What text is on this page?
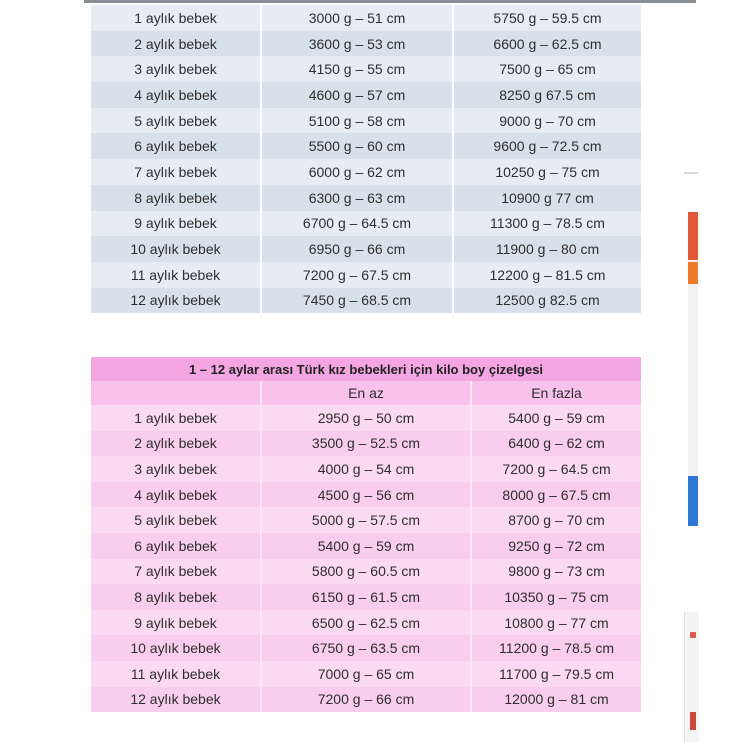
1 aylık bebek	3000 g – 51 cm	5750 g – 59.5 cm
2 aylık bebek	3600 g – 53 cm	6600 g – 62.5 cm
3 aylık bebek	4150 g – 55 cm	7500 g – 65 cm
4 aylık bebek	4600 g – 57 cm	8250 g 67.5 cm
5 aylık bebek	5100 g – 58 cm	9000 g – 70 cm
6 aylık bebek	5500 g – 60 cm	9600 g – 72.5 cm
7 aylık bebek	6000 g – 62 cm	10250 g – 75 cm
8 aylık bebek	6300 g – 63 cm	10900 g 77 cm
9 aylık bebek	6700 g – 64.5 cm	11300 g – 78.5 cm
10 aylık bebek	6950 g – 66 cm	11900 g – 80 cm
11 aylık bebek	7200 g – 67.5 cm	12200 g – 81.5 cm
12 aylık bebek	7450 g – 68.5 cm	12500 g 82.5 cm
1 – 12 aylar arası Türk kız bebekleri için kilo boy çizelgesi		
	En az	En fazla
1 aylık bebek	2950 g – 50 cm	5400 g – 59 cm
2 aylık bebek	3500 g – 52.5 cm	6400 g – 62 cm
3 aylık bebek	4000 g – 54 cm	7200 g – 64.5 cm
4 aylık bebek	4500 g – 56 cm	8000 g – 67.5 cm
5 aylık bebek	5000 g – 57.5 cm	8700 g – 70 cm
6 aylık bebek	5400 g – 59 cm	9250 g – 72 cm
7 aylık bebek	5800 g – 60.5 cm	9800 g – 73 cm
8 aylık bebek	6150 g – 61.5 cm	10350 g – 75 cm
9 aylık bebek	6500 g – 62.5 cm	10800 g – 77 cm
10 aylık bebek	6750 g – 63.5 cm	11200 g – 78.5 cm
11 aylık bebek	7000 g – 65 cm	11700 g – 79.5 cm
12 aylık bebek	7200 g – 66 cm	12000 g – 81 cm
